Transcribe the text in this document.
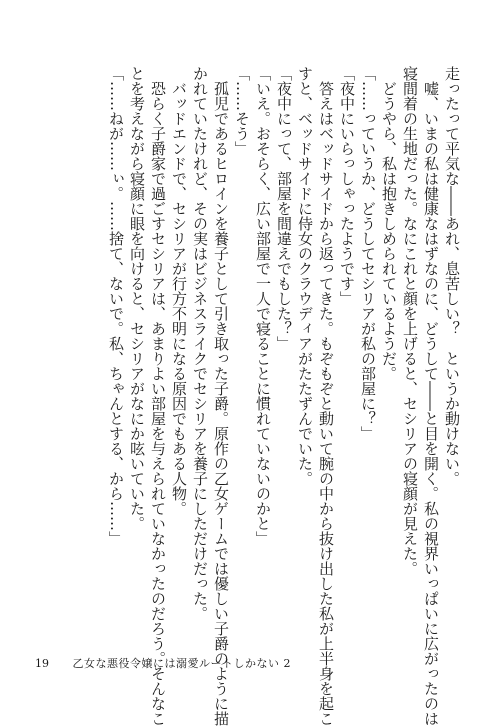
走ったって平気な――あれ、息苦しい？　というか動けない。
　嘘、いまの私は健康なはずなのに、どうして――と目を開く。私の視界いっぱいに広がったのは
寝間着の生地だった。なにこれと顔を上げると、セシリアの寝顔が見えた。
　どうやら、私は抱きしめられているようだ。
「……っていうか、どうしてセシリアが私の部屋に？」
「夜中にいらっしゃったようです」
　答えはベッドサイドから返ってきた。もぞもぞと動いて腕の中から抜け出した私が上半身を起こ
すと、ベッドサイドに侍女のクラウディアがたたずんでいた。
「夜中にって、部屋を間違えでもした？」
「いえ。おそらく、広い部屋で一人で寝ることに慣れていないのかと」
「……そう」
　孤児であるヒロインを養子として引き取った子爵。原作の乙女ゲームでは優しい子爵のように描
かれていたけれど、その実はビジネスライクでセシリアを養子にしただけだった。
　バッドエンドで、セシリアが行方不明になる原因でもある人物。
　恐らく子爵家で過ごすセシリアは、あまりよい部屋を与えられていなかったのだろう。そんなこ
とを考えながら寝顔に眼を向けると、セシリアがなにか呟いていた。
「……ねが……ぃ。……捨て、ないで。私、ちゃんとする、から……」
19 乙女な悪役令嬢には溺愛ルートしかない 2
